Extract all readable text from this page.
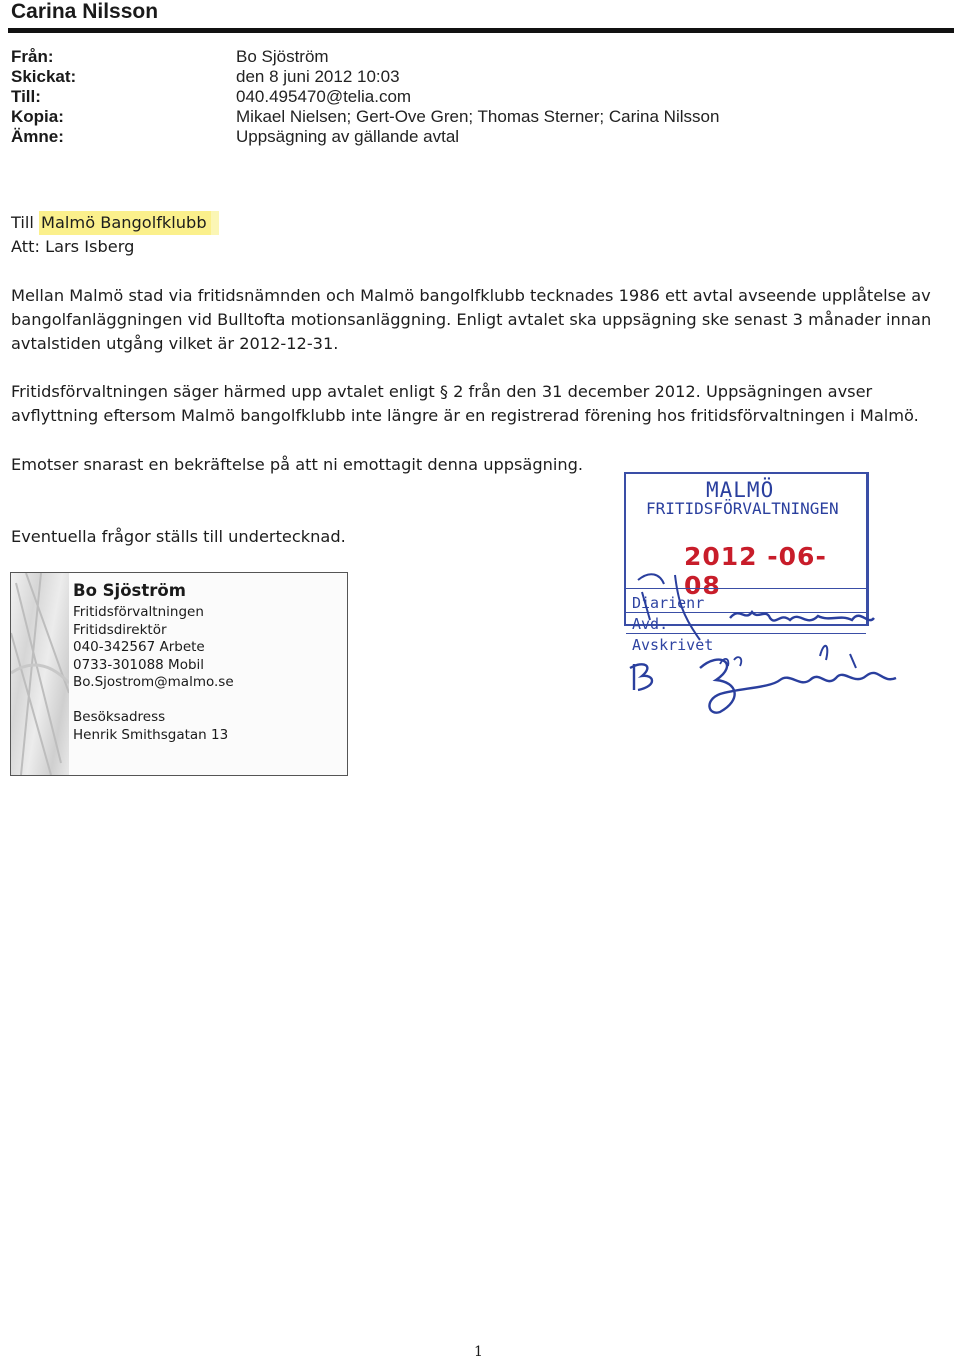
Carina Nilsson
Från:	Bo Sjöström
Skickat:	den 8 juni 2012 10:03
Till:	040.495470@telia.com
Kopia:	Mikael Nielsen; Gert-Ove Gren; Thomas Sterner; Carina Nilsson
Ämne:	Uppsägning av gällande avtal
Till Malmö Bangolfklubb
Att: Lars Isberg
Mellan Malmö stad via fritidsnämnden och Malmö bangolfklubb tecknades 1986 ett avtal avseende upplåtelse av bangolfanläggningen vid Bulltofta motionsanläggning. Enligt avtalet ska uppsägning ske senast 3 månader innan avtalstiden utgång vilket är 2012-12-31.
Fritidsförvaltningen säger härmed upp avtalet enligt § 2 från den 31 december 2012. Uppsägningen avser avflyttning eftersom Malmö bangolfklubb inte längre är en registrerad förening hos fritidsförvaltningen i Malmö.
Emotser snarast en bekräftelse på att ni emottagit denna uppsägning.
Eventuella frågor ställs till undertecknad.
Bo Sjöström
Fritidsförvaltningen
Fritidsdirektör
040-342567 Arbete
0733-301088 Mobil
Bo.Sjostrom@malmo.se
Besöksadress
Henrik Smithsgatan 13
MALMÖ
FRITIDSFÖRVALTNINGEN
2012 -06- 08
Diarienr
Avd.
Avskrivet
1
